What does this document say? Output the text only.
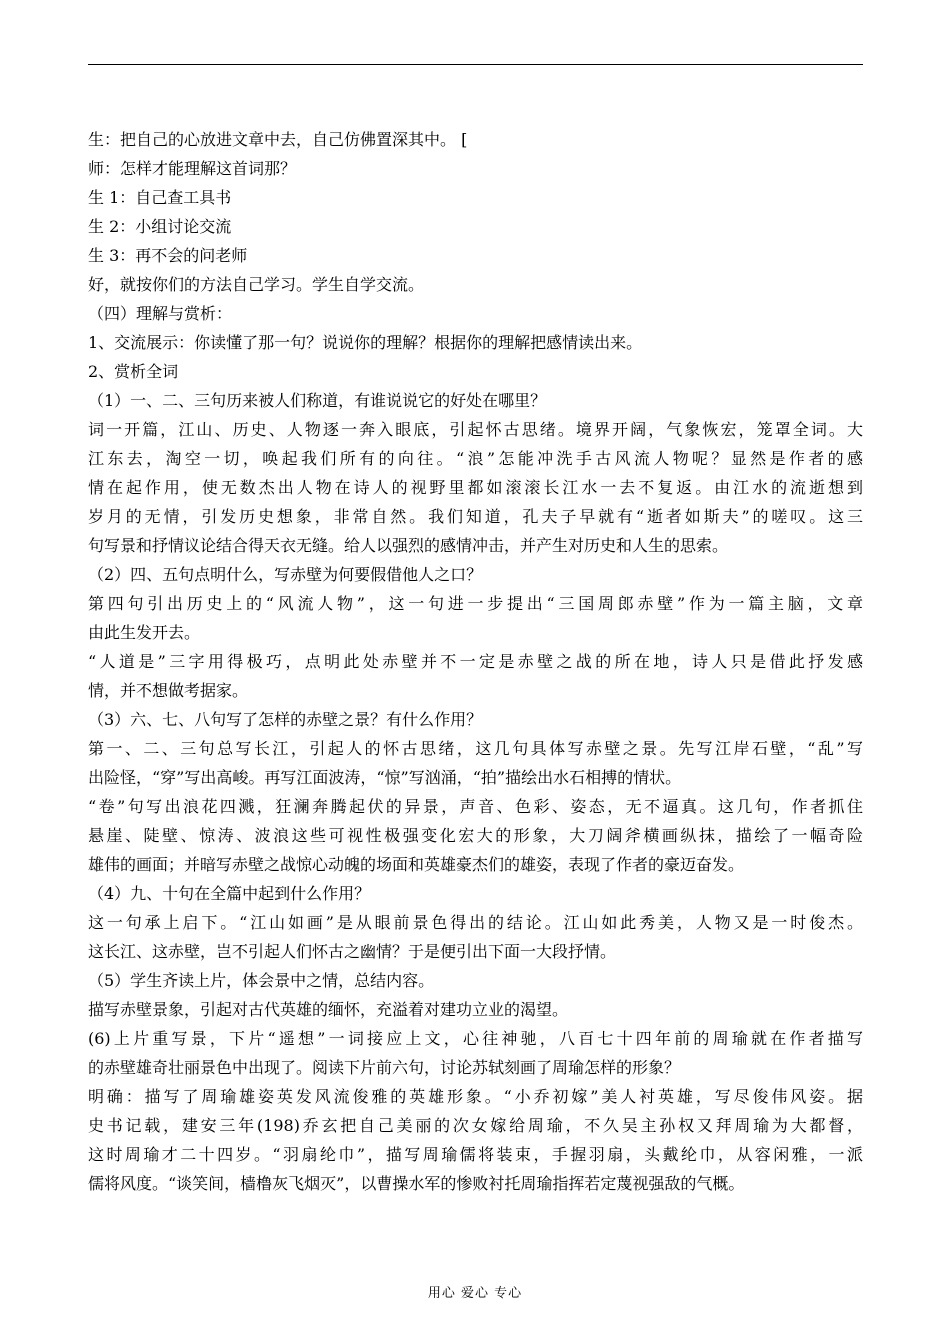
生：把自己的心放进文章中去，自己仿佛置深其中。 [
师：怎样才能理解这首词那？
生 1：自己查工具书
生 2：小组讨论交流
生 3：再不会的问老师
好，就按你们的方法自己学习。学生自学交流。
（四）理解与赏析：
1、交流展示：你读懂了那一句？说说你的理解？根据你的理解把感情读出来。
2、赏析全词
（1）一、二、三句历来被人们称道，有谁说说它的好处在哪里？
词一开篇，江山、历史、人物逐一奔入眼底，引起怀古思绪。境界开阔，气象恢宏，笼罩全词。大
江东去，淘空一切，唤起我们所有的向往。“浪”怎能冲洗手古风流人物呢？显然是作者的感
情在起作用，使无数杰出人物在诗人的视野里都如滚滚长江水一去不复返。由江水的流逝想到
岁月的无情，引发历史想象，非常自然。我们知道，孔夫子早就有“逝者如斯夫”的嗟叹。这三
句写景和抒情议论结合得天衣无缝。给人以强烈的感情冲击，并产生对历史和人生的思索。
（2）四、五句点明什么，写赤壁为何要假借他人之口？
第四句引出历史上的“风流人物”，这一句进一步提出“三国周郎赤壁”作为一篇主脑，文章
由此生发开去。
“人道是”三字用得极巧，点明此处赤壁并不一定是赤壁之战的所在地，诗人只是借此抒发感
情，并不想做考据家。
（3）六、七、八句写了怎样的赤壁之景？有什么作用？
第一、二、三句总写长江，引起人的怀古思绪，这几句具体写赤壁之景。先写江岸石壁，“乱”写
出险怪，“穿”写出高峻。再写江面波涛，“惊”写汹涌，“拍”描绘出水石相搏的情状。
“卷”句写出浪花四溅，狂澜奔腾起伏的异景，声音、色彩、姿态，无不逼真。这几句，作者抓住
悬崖、陡壁、惊涛、波浪这些可视性极强变化宏大的形象，大刀阔斧横画纵抹，描绘了一幅奇险
雄伟的画面；并暗写赤壁之战惊心动魄的场面和英雄豪杰们的雄姿，表现了作者的豪迈奋发。
（4）九、十句在全篇中起到什么作用？
这一句承上启下。“江山如画”是从眼前景色得出的结论。江山如此秀美，人物又是一时俊杰。
这长江、这赤壁，岂不引起人们怀古之幽情？于是便引出下面一大段抒情。
（5）学生齐读上片，体会景中之情，总结内容。
描写赤壁景象，引起对古代英雄的缅怀，充溢着对建功立业的渴望。
(6)上片重写景，下片“遥想”一词接应上文，心往神驰，八百七十四年前的周瑜就在作者描写
的赤壁雄奇壮丽景色中出现了。阅读下片前六句，讨论苏轼刻画了周瑜怎样的形象？
明确：描写了周瑜雄姿英发风流俊雅的英雄形象。“小乔初嫁”美人衬英雄，写尽俊伟风姿。据
史书记载，建安三年(198)乔玄把自己美丽的次女嫁给周瑜，不久吴主孙权又拜周瑜为大都督，
这时周瑜才二十四岁。“羽扇纶巾”，描写周瑜儒将装束，手握羽扇，头戴纶巾，从容闲雅，一派
儒将风度。“谈笑间，樯橹灰飞烟灭”，以曹操水军的惨败衬托周瑜指挥若定蔑视强敌的气概。
用心 爱心 专心
